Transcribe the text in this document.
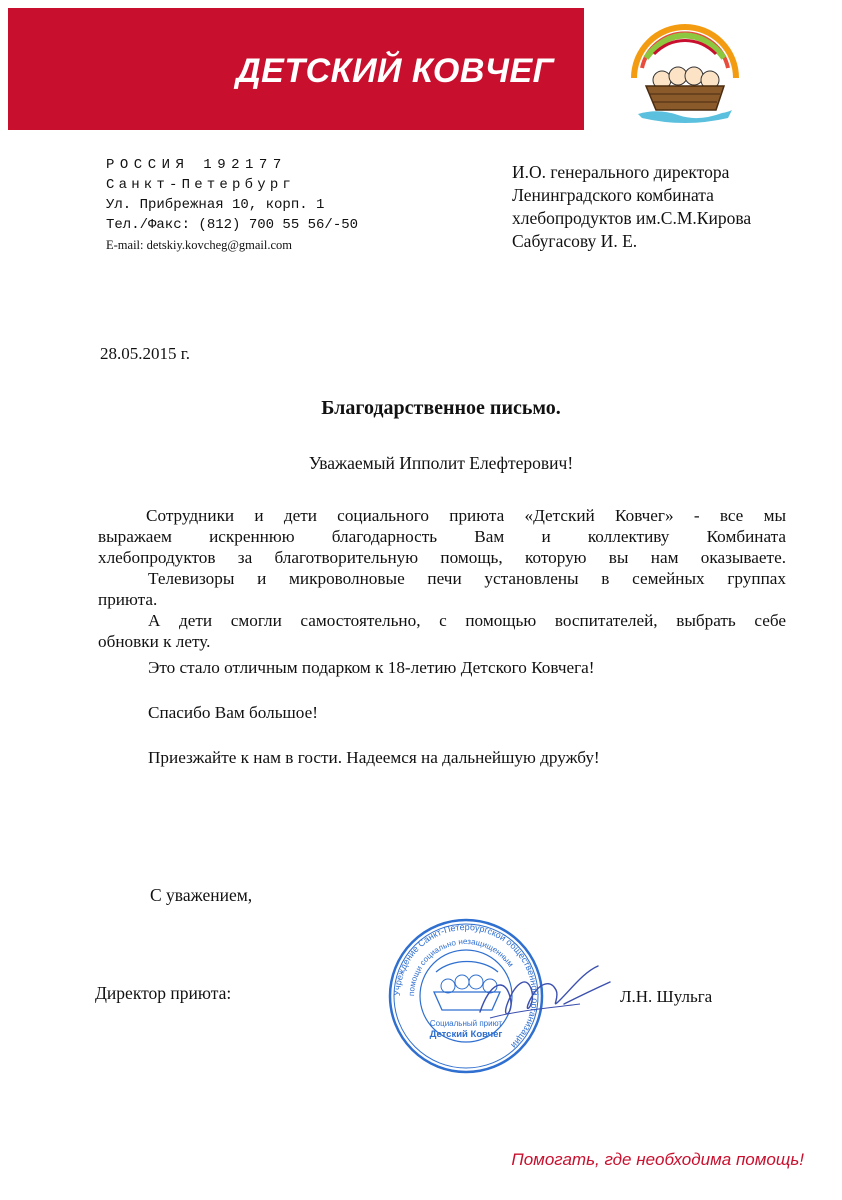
ДЕТСКИЙ КОВЧЕГ
РОССИЯ 192177
Санкт-Петербург
Ул. Прибрежная 10, корп. 1
Тел./Факс: (812) 700 55 56/-50
E-mail: detskiy.kovcheg@gmail.com
И.О. генерального директора
Ленинградского комбината
хлебопродуктов им.С.М.Кирова
Сабугасову И. Е.
28.05.2015 г.
Благодарственное письмо.
Уважаемый Ипполит Елефтерович!

Сотрудники и дети социального приюта «Детский Ковчег» - все мы

выражаем искреннюю благодарность Вам и коллективу Комбината

хлебопродуктов за благотворительную помощь, которую вы нам оказываете.

Телевизоры и микроволновые печи установлены в семейных группах

приюта.

А дети смогли самостоятельно, с помощью воспитателей, выбрать себе

обновки к лету.

Это стало отличным подарком к 18-летию Детского Ковчега!

Спасибо Вам большое!

Приезжайте к нам в гости. Надеемся на дальнейшую дружбу!

С уважением,
Директор приюта:	Учреждение Санкт-Петербургской общественной организации
помощи социально незащищенным
Социальный приют
Детский Ковчег
Л.Н. Шульга
Помогать, где необходима помощь!
